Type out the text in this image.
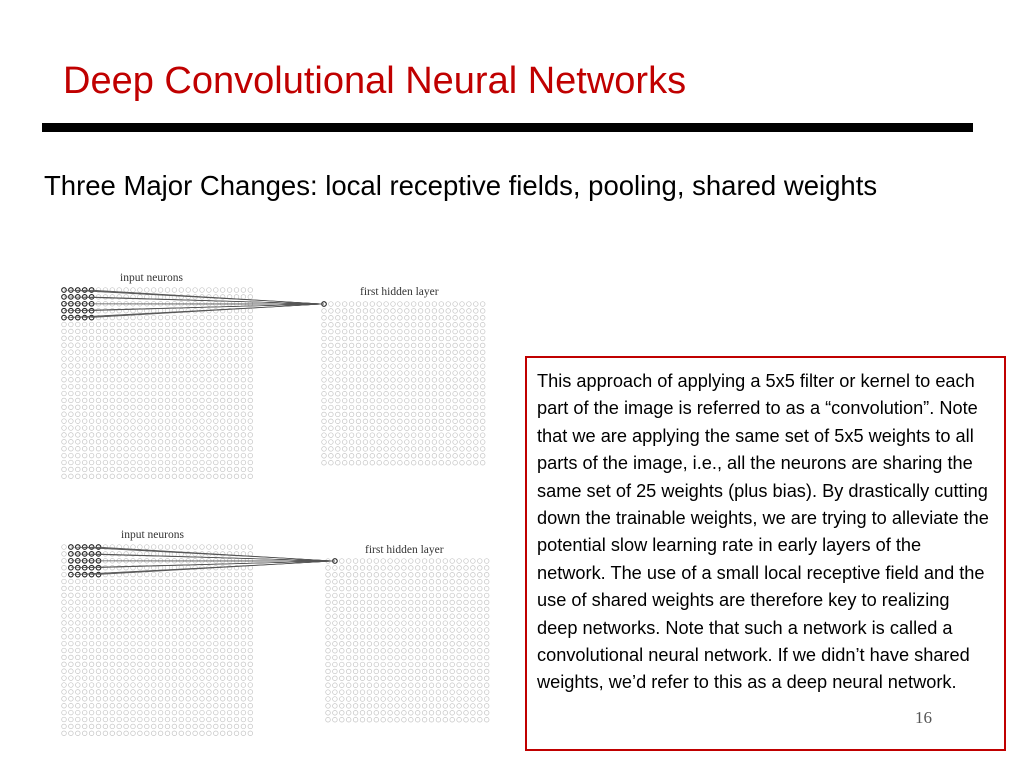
Deep Convolutional Neural Networks
Three Major Changes: local receptive fields, pooling, shared weights
input neurons
first hidden layer
input neurons
first hidden layer
This approach of applying a 5x5 filter or kernel to each part of the image is referred to as a “convolution”. Note that we are applying the same set of 5x5 weights to all parts of the image, i.e., all the neurons are sharing the same set of 25 weights (plus bias). By drastically cutting down the trainable weights, we are trying to alleviate the potential slow learning rate in early layers of the network. The use of a small local receptive field and the use of shared weights are therefore key to realizing deep networks. Note that such a network is called a convolutional neural network. If we didn’t have shared weights, we’d refer to this as a deep neural network.
16
